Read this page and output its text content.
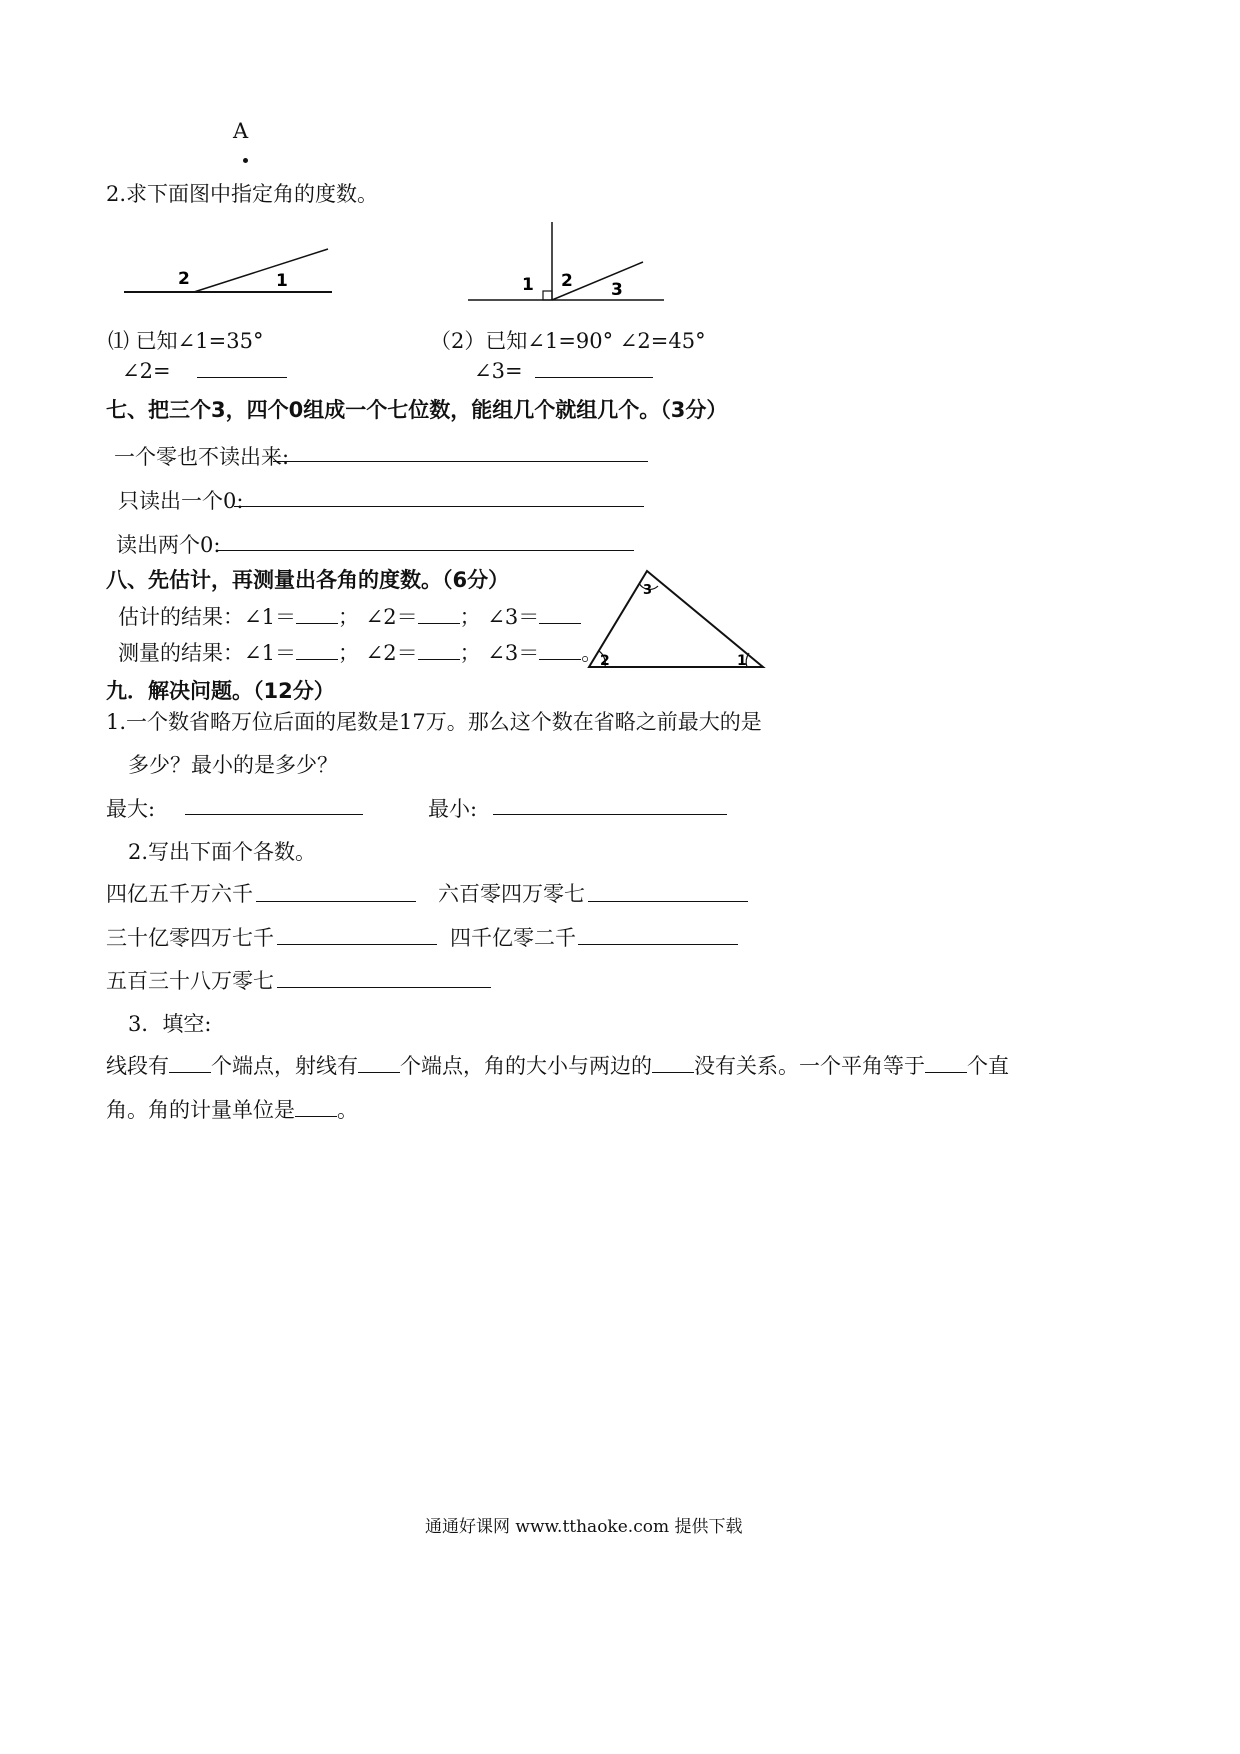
A
2.求下面图中指定角的度数。
2	1	1 2 3
⑴ 已知∠1=35°
∠2=
（2）已知∠1=90° ∠2=45°
∠3=
七、把三个3，四个0组成一个七位数，能组几个就组几个。（3分）
一个零也不读出来:
只读出一个0:
读出两个0:
八、先估计，再测量出各角的度数。（6分）
估计的结果：∠1＝ ； ∠2＝ ； ∠3＝
测量的结果：∠1＝ ； ∠2＝ ； ∠3＝ 。
3
2	1
九．解决问题。（12分）
1.一个数省略万位后面的尾数是17万。那么这个数在省略之前最大的是
多少？最小的是多少？
最大:	最小:
2.写出下面个各数。
四亿五千万六千	六百零四万零七
三十亿零四万七千	四千亿零二千
五百三十八万零七
3．填空:
线段有 个端点，射线有 个端点，角的大小与两边的 没有关系。一个平角等于 个直
角。角的计量单位是 。
通通好课网 www.tthaoke.com 提供下载
